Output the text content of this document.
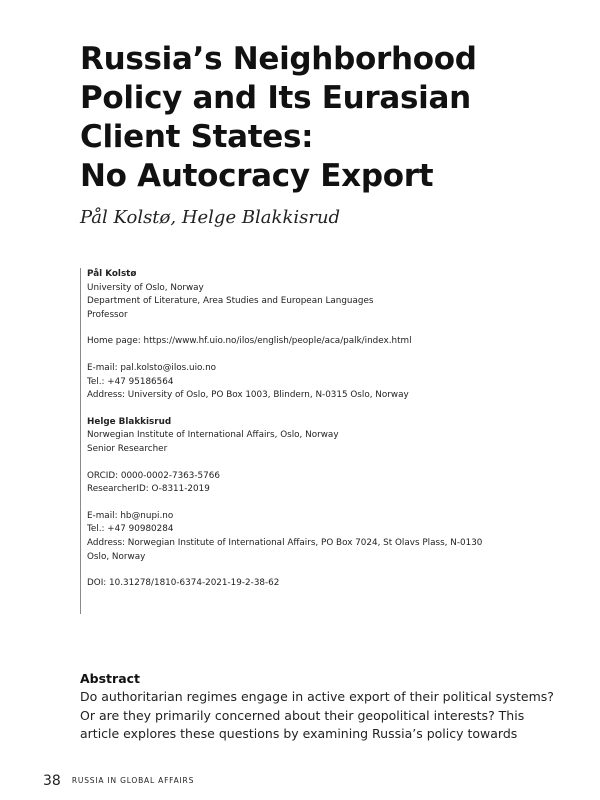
Russia’s Neighborhood
Policy and Its Eurasian
Client States:
No Autocracy Export

Pål Kolstø, Helge Blakkisrud

Pål Kolstø
University of Oslo, Norway
Department of Literature, Area Studies and European Languages
Professor
Home page: https://www.hf.uio.no/ilos/english/people/aca/palk/index.html
E-mail: pal.kolsto@ilos.uio.no
Tel.: +47 95186564
Address: University of Oslo, PO Box 1003, Blindern, N-0315 Oslo, Norway
Helge Blakkisrud
Norwegian Institute of International Affairs, Oslo, Norway
Senior Researcher
ORCID: 0000-0002-7363-5766
ResearcherID: O-8311-2019
E-mail: hb@nupi.no
Tel.: +47 90980284
Address: Norwegian Institute of International Affairs, PO Box 7024, St Olavs Plass, N-0130
Oslo, Norway
DOI: 10.31278/1810-6374-2021-19-2-38-62
Abstract
Do authoritarian regimes engage in active export of their political systems?
Or are they primarily concerned about their geopolitical interests? This
article explores these questions by examining Russia’s policy towards
38 RUSSIA IN GLOBAL AFFAIRS
